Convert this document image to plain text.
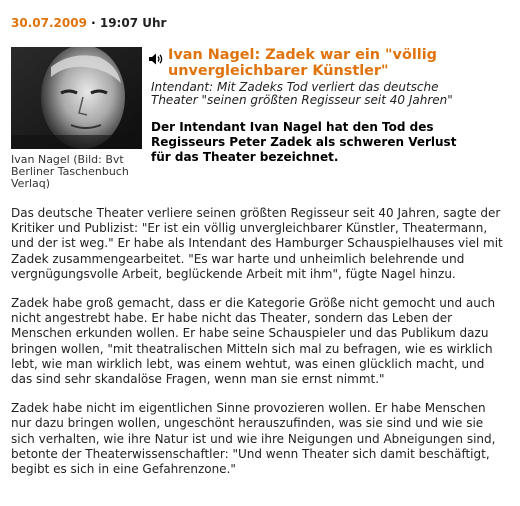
30.07.2009 · 19:07 Uhr
Ivan Nagel (Bild: Bvt Berliner Taschenbuch Verlaq)
Ivan Nagel: Zadek war ein "völlig unvergleichbarer Künstler"
Intendant: Mit Zadeks Tod verliert das deutsche Theater "seinen größten Regisseur seit 40 Jahren"
Der Intendant Ivan Nagel hat den Tod des Regisseurs Peter Zadek als schweren Verlust für das Theater bezeichnet.

Das deutsche Theater verliere seinen größten Regisseur seit 40 Jahren, sagte der Kritiker und Publizist: "Er ist ein völlig unvergleichbarer Künstler, Theatermann, und der ist weg." Er habe als Intendant des Hamburger Schauspielhauses viel mit Zadek zusammengearbeitet. "Es war harte und unheimlich belehrende und vergnügungsvolle Arbeit, beglückende Arbeit mit ihm", fügte Nagel hinzu.

Zadek habe groß gemacht, dass er die Kategorie Größe nicht gemocht und auch nicht angestrebt habe. Er habe nicht das Theater, sondern das Leben der Menschen erkunden wollen. Er habe seine Schauspieler und das Publikum dazu bringen wollen, "mit theatralischen Mitteln sich mal zu befragen, wie es wirklich lebt, wie man wirklich lebt, was einem wehtut, was einen glücklich macht, und das sind sehr skandalöse Fragen, wenn man sie ernst nimmt."

Zadek habe nicht im eigentlichen Sinne provozieren wollen. Er habe Menschen nur dazu bringen wollen, ungeschönt herauszufinden, was sie sind und wie sie sich verhalten, wie ihre Natur ist und wie ihre Neigungen und Abneigungen sind, betonte der Theaterwissenschaftler: "Und wenn Theater sich damit beschäftigt, begibt es sich in eine Gefahrenzone."
